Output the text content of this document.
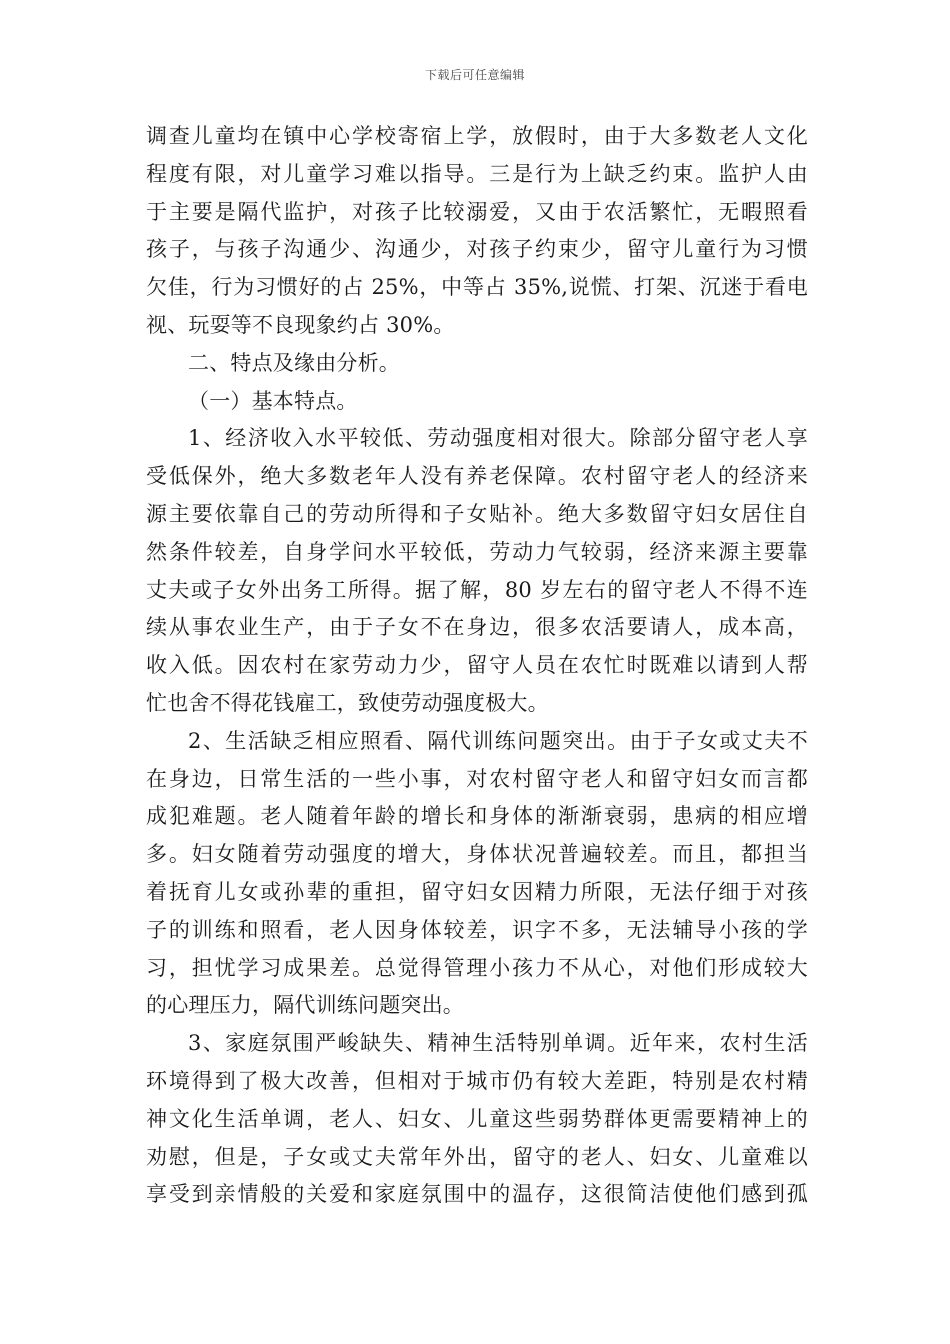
下载后可任意编辑
调查儿童均在镇中心学校寄宿上学，放假时，由于大多数老人文化
程度有限，对儿童学习难以指导。三是行为上缺乏约束。监护人由
于主要是隔代监护，对孩子比较溺爱，又由于农活繁忙，无暇照看
孩子，与孩子沟通少、沟通少，对孩子约束少，留守儿童行为习惯
欠佳，行为习惯好的占 25%，中等占 35%,说慌、打架、沉迷于看电
视、玩耍等不良现象约占 30%。
二、特点及缘由分析。
（一）基本特点。
1、经济收入水平较低、劳动强度相对很大。除部分留守老人享
受低保外，绝大多数老年人没有养老保障。农村留守老人的经济来
源主要依靠自己的劳动所得和子女贴补。绝大多数留守妇女居住自
然条件较差，自身学问水平较低，劳动力气较弱，经济来源主要靠
丈夫或子女外出务工所得。据了解，80 岁左右的留守老人不得不连
续从事农业生产，由于子女不在身边，很多农活要请人，成本高，
收入低。因农村在家劳动力少，留守人员在农忙时既难以请到人帮
忙也舍不得花钱雇工，致使劳动强度极大。
2、生活缺乏相应照看、隔代训练问题突出。由于子女或丈夫不
在身边，日常生活的一些小事，对农村留守老人和留守妇女而言都
成犯难题。老人随着年龄的增长和身体的渐渐衰弱，患病的相应增
多。妇女随着劳动强度的增大，身体状况普遍较差。而且，都担当
着抚育儿女或孙辈的重担，留守妇女因精力所限，无法仔细于对孩
子的训练和照看，老人因身体较差，识字不多，无法辅导小孩的学
习，担忧学习成果差。总觉得管理小孩力不从心，对他们形成较大
的心理压力，隔代训练问题突出。
3、家庭氛围严峻缺失、精神生活特别单调。近年来，农村生活
环境得到了极大改善，但相对于城市仍有较大差距，特别是农村精
神文化生活单调，老人、妇女、儿童这些弱势群体更需要精神上的
劝慰，但是，子女或丈夫常年外出，留守的老人、妇女、儿童难以
享受到亲情般的关爱和家庭氛围中的温存，这很简洁使他们感到孤
